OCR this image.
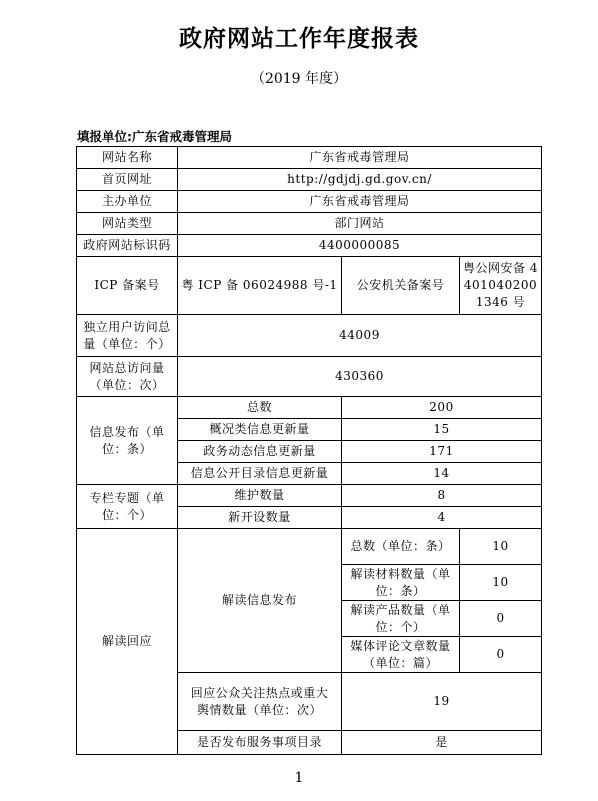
政府网站工作年度报表
（2019 年度）
填报单位:广东省戒毒管理局
网站名称	广东省戒毒管理局		
首页网址	http://gdjdj.gd.gov.cn/		
主办单位	广东省戒毒管理局		
网站类型	部门网站		
政府网站标识码	4400000085		
ICP 备案号	粤 ICP 备 06024988 号-1	公安机关备案号	粤公网安备 44010402001346 号
独立用户访问总量（单位：个）	44009		
网站总访问量（单位：次）	430360		
信息发布（单位：条）	总数	200	
	概况类信息更新量	15	
	政务动态信息更新量	171	
	信息公开目录信息更新量	14	
专栏专题（单位：个）	维护数量	8	
	新开设数量	4	
解读回应	解读信息发布	总数（单位：条）	10
		解读材料数量（单位：条）	10
		解读产品数量（单位：个）	0
		媒体评论文章数量（单位：篇）	0
	回应公众关注热点或重大舆情数量（单位：次）	19	
	是否发布服务事项目录	是	
1
